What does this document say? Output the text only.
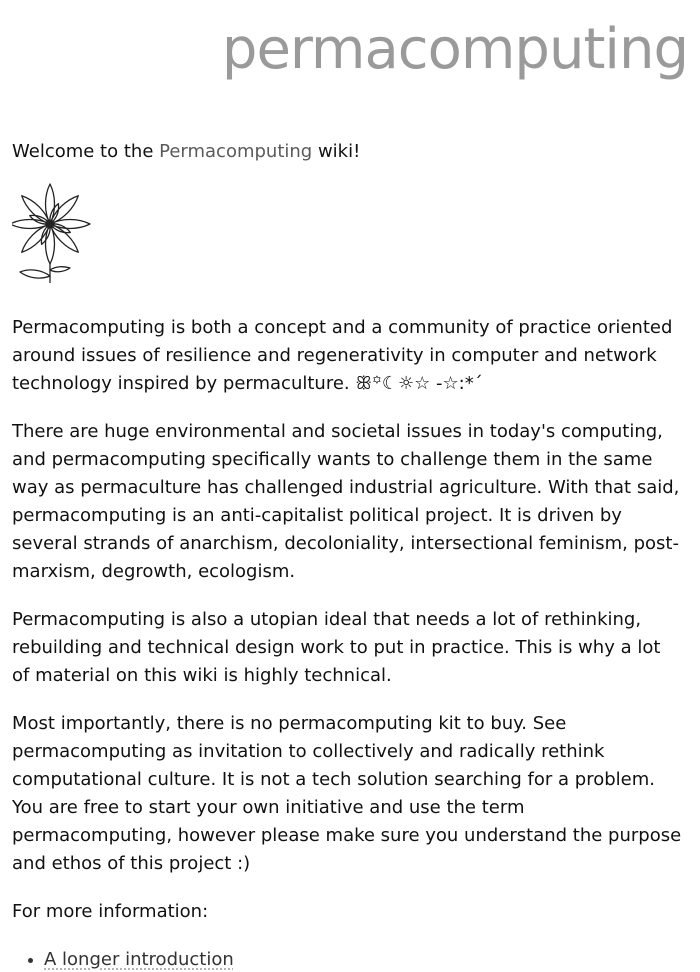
permacomputing

Welcome to the Permacomputing wiki!

Permacomputing is both a concept and a community of practice oriented around issues of resilience and regenerativity in computer and network technology inspired by permaculture. ꕥ꙳☾☼☆ -☆:*´

There are huge environmental and societal issues in today's computing, and permacomputing specifically wants to challenge them in the same way as permaculture has challenged industrial agriculture. With that said, permacomputing is an anti-capitalist political project. It is driven by several strands of anarchism, decoloniality, intersectional feminism, post-marxism, degrowth, ecologism.

Permacomputing is also a utopian ideal that needs a lot of rethinking, rebuilding and technical design work to put in practice. This is why a lot of material on this wiki is highly technical.

Most importantly, there is no permacomputing kit to buy. See permacomputing as invitation to collectively and radically rethink computational culture. It is not a tech solution searching for a problem. You are free to start your own initiative and use the term permacomputing, however please make sure you understand the purpose and ethos of this project :)

For more information:

A longer introduction
